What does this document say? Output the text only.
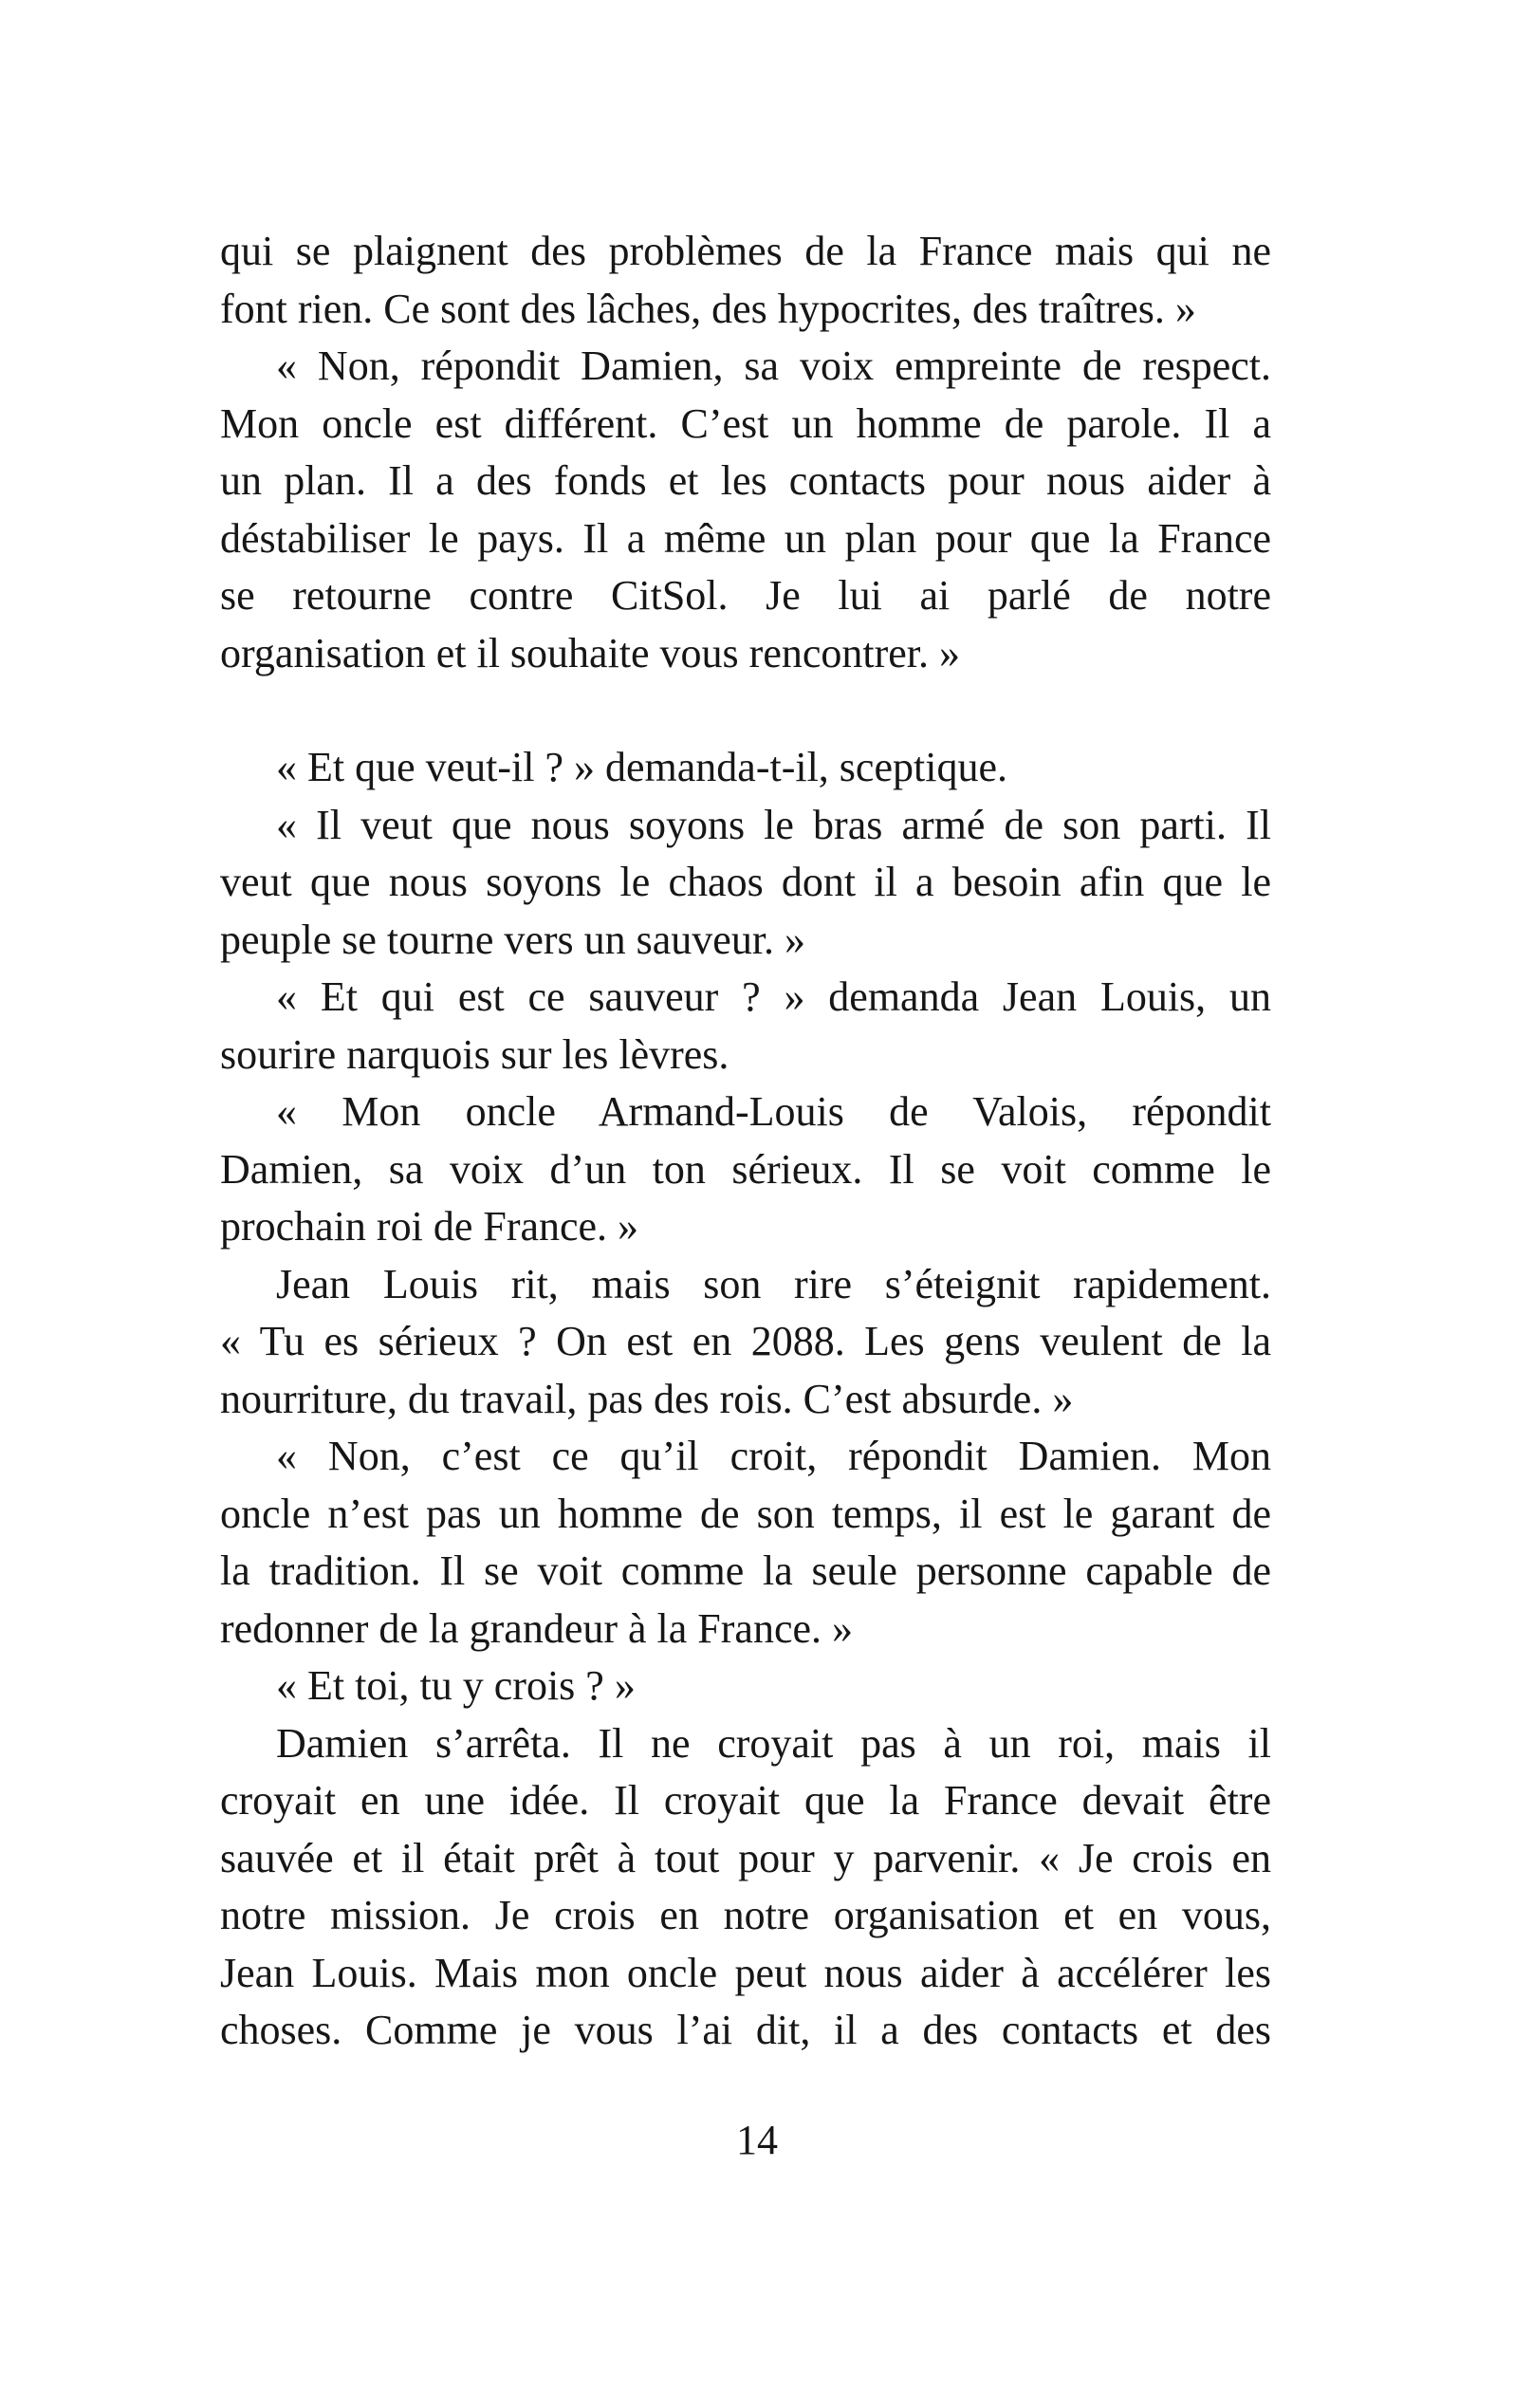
qui se plaignent des problèmes de la France mais qui ne
font rien. Ce sont des lâches, des hypocrites, des traîtres. »
« Non, répondit Damien, sa voix empreinte de respect.
Mon oncle est différent. C’est un homme de parole. Il a
un plan. Il a des fonds et les contacts pour nous aider à
déstabiliser le pays. Il a même un plan pour que la France
se retourne contre CitSol. Je lui ai parlé de notre
organisation et il souhaite vous rencontrer. »
« Et que veut-il ? » demanda-t-il, sceptique.
« Il veut que nous soyons le bras armé de son parti. Il
veut que nous soyons le chaos dont il a besoin afin que le
peuple se tourne vers un sauveur. »
« Et qui est ce sauveur ? » demanda Jean Louis, un
sourire narquois sur les lèvres.
« Mon oncle Armand-Louis de Valois, répondit
Damien, sa voix d’un ton sérieux. Il se voit comme le
prochain roi de France. »
Jean Louis rit, mais son rire s’éteignit rapidement.
« Tu es sérieux ? On est en 2088. Les gens veulent de la
nourriture, du travail, pas des rois. C’est absurde. »
« Non, c’est ce qu’il croit, répondit Damien. Mon
oncle n’est pas un homme de son temps, il est le garant de
la tradition. Il se voit comme la seule personne capable de
redonner de la grandeur à la France. »
« Et toi, tu y crois ? »
Damien s’arrêta. Il ne croyait pas à un roi, mais il
croyait en une idée. Il croyait que la France devait être
sauvée et il était prêt à tout pour y parvenir. « Je crois en
notre mission. Je crois en notre organisation et en vous,
Jean Louis. Mais mon oncle peut nous aider à accélérer les
choses. Comme je vous l’ai dit, il a des contacts et des
14
